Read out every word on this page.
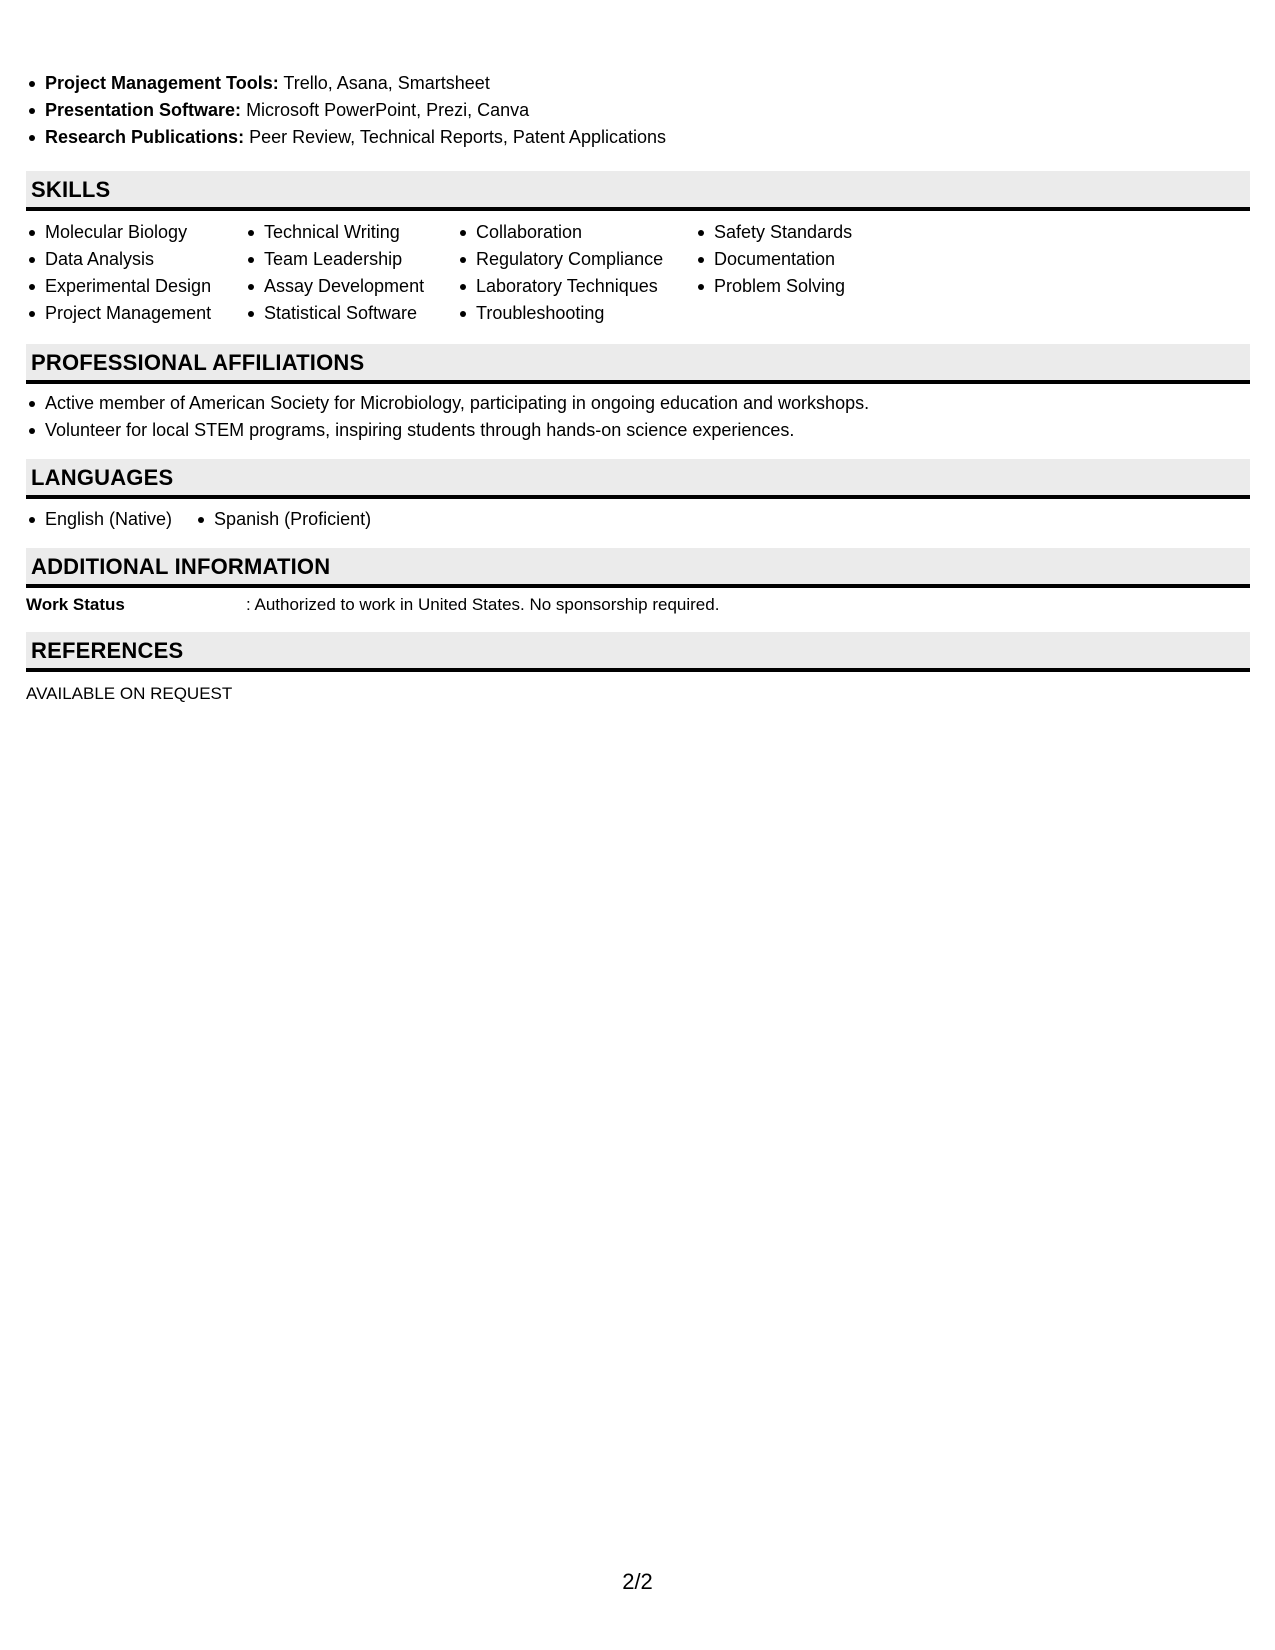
Project Management Tools: Trello, Asana, Smartsheet
Presentation Software: Microsoft PowerPoint, Prezi, Canva
Research Publications: Peer Review, Technical Reports, Patent Applications
SKILLS
Molecular Biology
Data Analysis
Experimental Design
Project Management
Technical Writing
Team Leadership
Assay Development
Statistical Software
Collaboration
Regulatory Compliance
Laboratory Techniques
Troubleshooting
Safety Standards
Documentation
Problem Solving
PROFESSIONAL AFFILIATIONS
Active member of American Society for Microbiology, participating in ongoing education and workshops.
Volunteer for local STEM programs, inspiring students through hands-on science experiences.
LANGUAGES
English (Native)	Spanish (Proficient)
ADDITIONAL INFORMATION
Work Status	: Authorized to work in United States. No sponsorship required.
REFERENCES
AVAILABLE ON REQUEST
2/2
